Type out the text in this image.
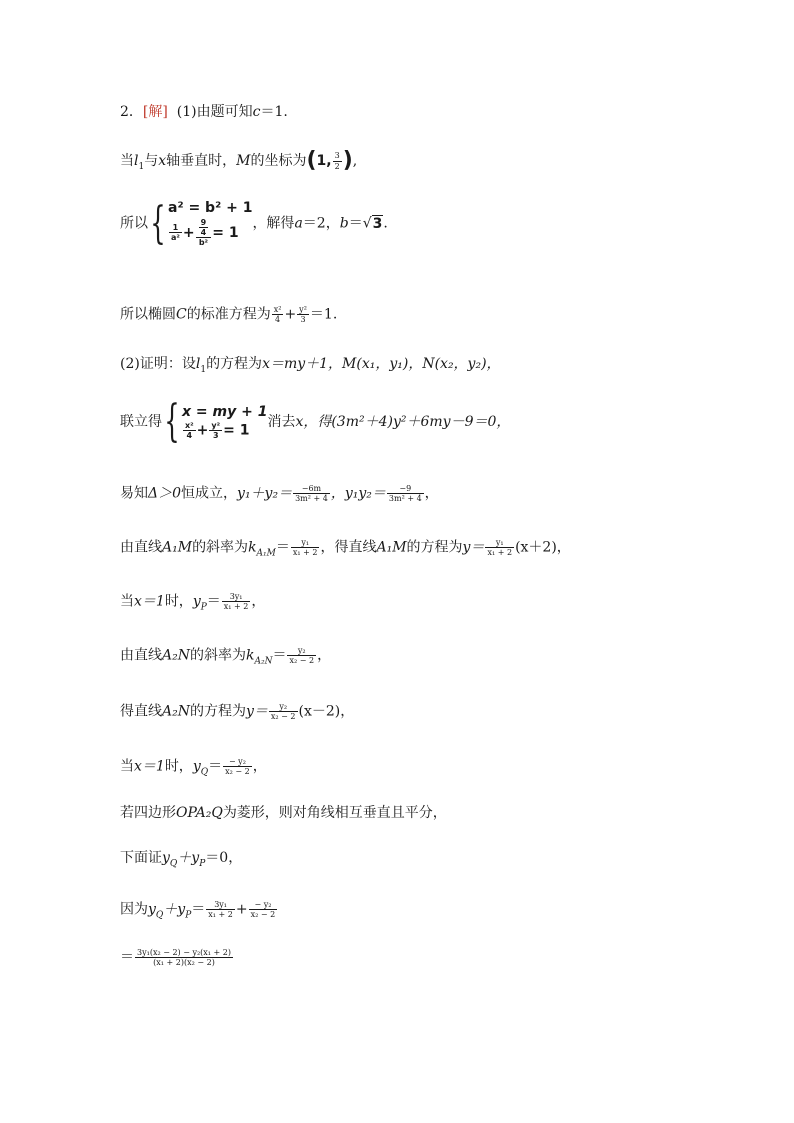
2．[解] (1)由题可知c＝1.
当$l_1$与x轴垂直时，M的坐标为(1, $\frac{3}{2}$ ),
所以{ a² = b² + 1
$\frac{1}{\text{a²}} + \frac{\frac{9}{4}}{\text{b²}} = 1$
，解得a＝2，b＝√3.
所以椭圆C的标准方程为 $\frac{\text{x²}}{4} + \frac{\text{y²}}{3} =1$.
(2)证明：设$l_1$的方程为x＝my＋1，M(x₁，y₁)，N(x₂，y₂)，
联立得{ x = my + 1
$\frac{\text{x²}}{4} + \frac{\text{y²}}{3} = 1$
消去x，得(3m²＋4)y²＋6my－9＝0，
易知Δ＞0恒成立，$y_1+y_2= \frac{-6m}{\text{3m² + 4}}$ ，$y_1y_2= \frac{-9}{\text{3m² + 4}}$ ，
由直线A₁M的斜率为$k_{A_1M}= \frac{\text{y₁}}{\text{x₁ + 2}}$ ，得直线A₁M的方程为$y= \frac{\text{y₁}}{\text{x₁ + 2}} (x+2)$，
当x＝1时，$y_P= \frac{\text{3y₁}}{\text{x₁ + 2}}$ ，
由直线A₂N的斜率为$k_{A_2N}= \frac{\text{y₂}}{\text{x₂ − 2}}$ ，
得直线A₂N的方程为$y= \frac{\text{y₂}}{\text{x₂ − 2}} (x-2)$，
当x＝1时，$y_Q= \frac{\text{− y₂}}{\text{x₂ − 2}}$ ，
若四边形OPA₂Q为菱形，则对角线相互垂直且平分，
下面证$y_Q+y_P=0$，
因为$y_Q+y_P= \frac{\text{3y₁}}{\text{x₁ + 2}} + \frac{\text{− y₂}}{\text{x₂ − 2}}$
＝ $\frac{\text{3y₁(x₂ − 2) − y₂(x₁ + 2)}}{\text{(x₁ + 2)(x₂ − 2)}}$
